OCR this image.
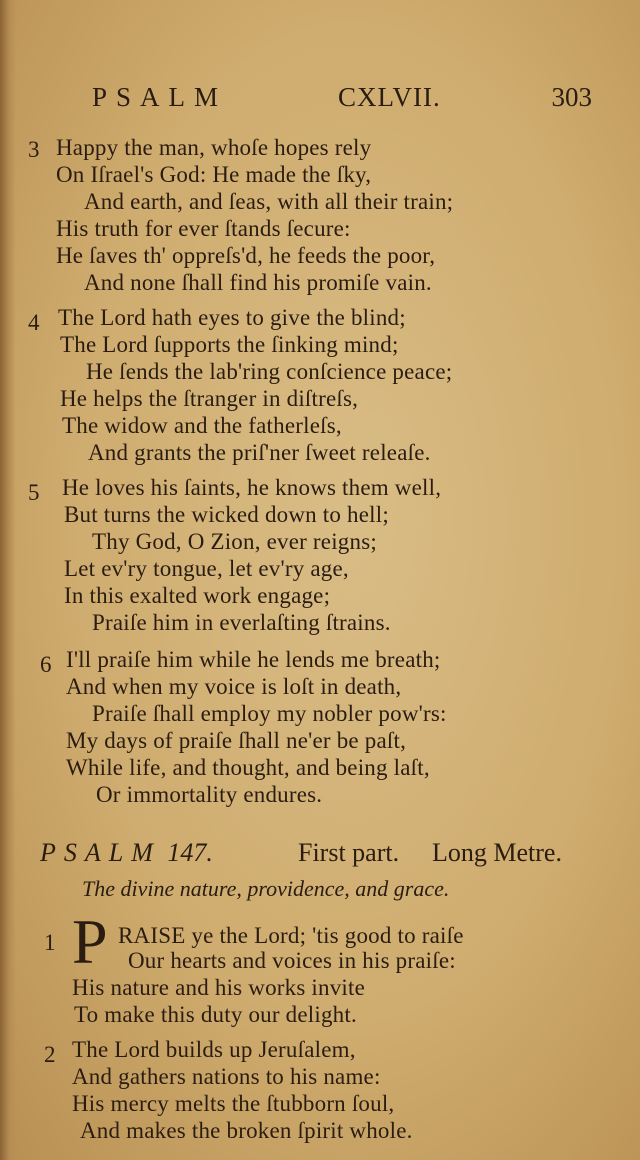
PSALM	CXLVII.	303
3 Happy the man, whoſe hopes rely
On Iſrael's God: He made the ſky,
And earth, and ſeas, with all their train;
His truth for ever ſtands ſecure:
He ſaves th' oppreſs'd, he feeds the poor,
And none ſhall find his promiſe vain.
4 The Lord hath eyes to give the blind;
The Lord ſupports the ſinking mind;
He ſends the lab'ring conſcience peace;
He helps the ſtranger in diſtreſs,
The widow and the fatherleſs,
And grants the priſ'ner ſweet releaſe.
5 He loves his ſaints, he knows them well,
But turns the wicked down to hell;
Thy God, O Zion, ever reigns;
Let ev'ry tongue, let ev'ry age,
In this exalted work engage;
Praiſe him in everlaſting ſtrains.
6 I'll praiſe him while he lends me breath;
And when my voice is loſt in death,
Praiſe ſhall employ my nobler pow'rs:
My days of praiſe ſhall ne'er be paſt,
While life, and thought, and being laſt,
Or immortality endures.
PSALM 147.	First part. Long Metre.
The divine nature, providence, and grace.
1 P RAISE ye the Lord; 'tis good to raiſe
Our hearts and voices in his praiſe:
His nature and his works invite
To make this duty our delight.
2 The Lord builds up Jeruſalem,
And gathers nations to his name:
His mercy melts the ſtubborn ſoul,
And makes the broken ſpirit whole.
